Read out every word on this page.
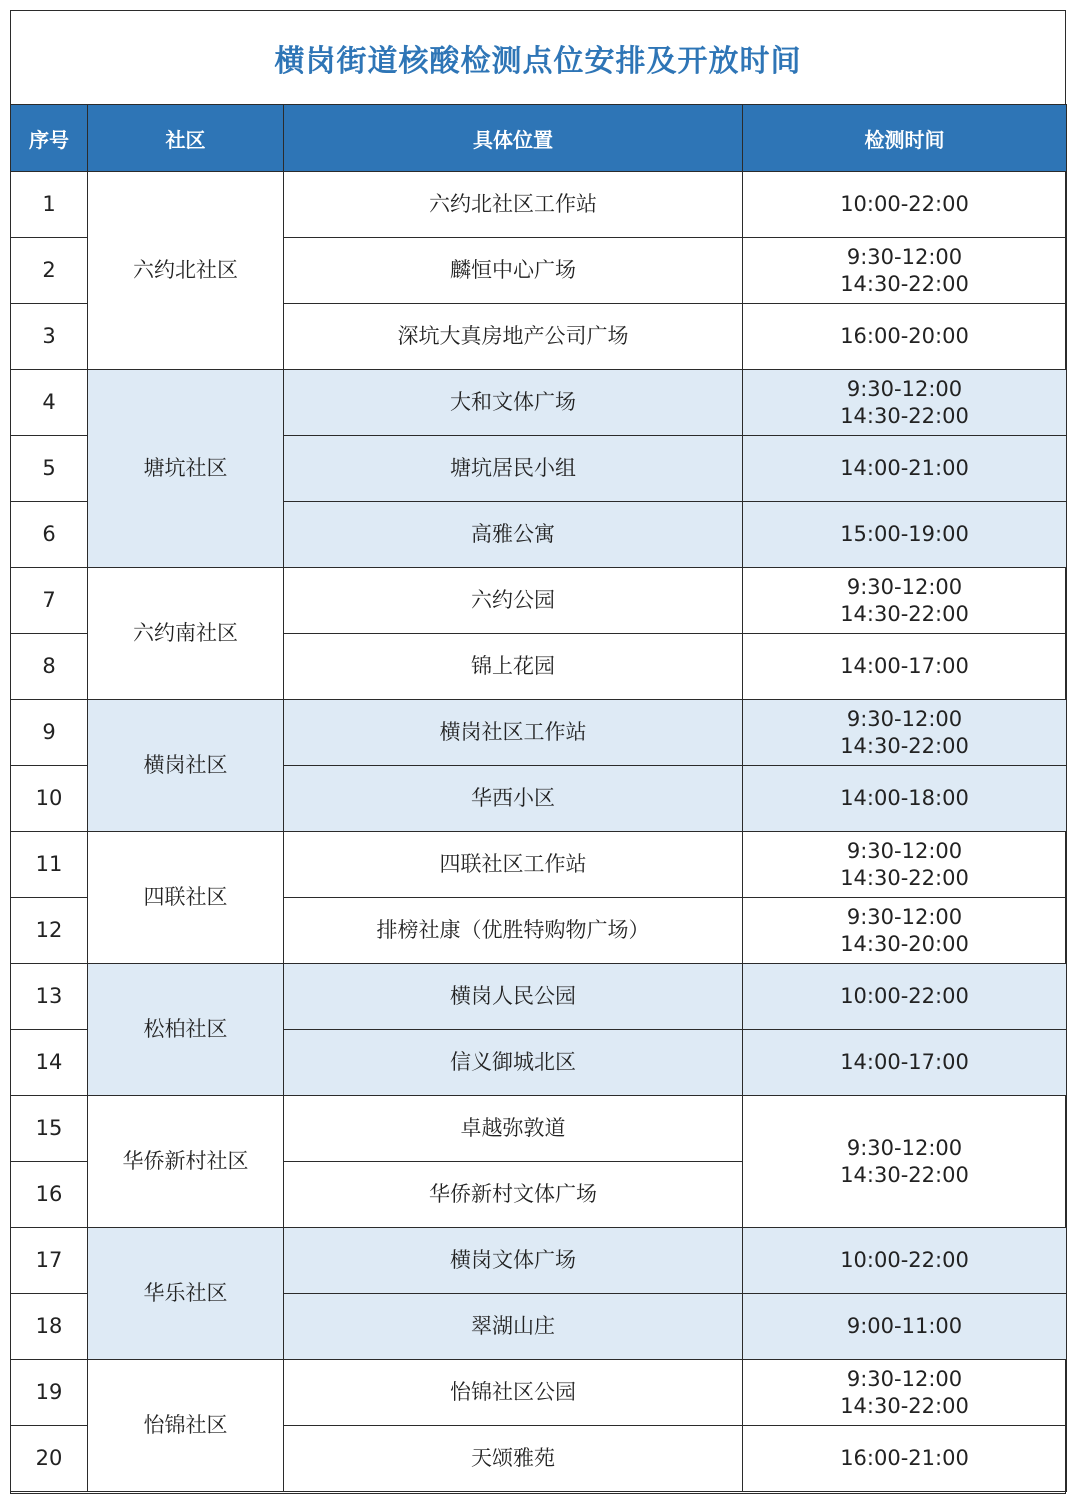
横岗街道核酸检测点位安排及开放时间
序号	社区	具体位置	检测时间
1	六约北社区	六约北社区工作站	10:00-22:00

2		麟恒中心广场	9:30-12:00
14:30-22:00

3		深坑大真房地产公司广场	16:00-20:00

4	塘坑社区	大和文体广场	9:30-12:00
14:30-22:00

5		塘坑居民小组	14:00-21:00

6		高雅公寓	15:00-19:00

7	六约南社区	六约公园	9:30-12:00
14:30-22:00

8		锦上花园	14:00-17:00

9	横岗社区	横岗社区工作站	9:30-12:00
14:30-22:00

10		华西小区	14:00-18:00

11	四联社区	四联社区工作站	9:30-12:00
14:30-22:00

12		排榜社康（优胜特购物广场）	9:30-12:00
14:30-20:00

13	松柏社区	横岗人民公园	10:00-22:00

14		信义御城北区	14:00-17:00

15	华侨新村社区	卓越弥敦道	9:30-12:00
14:30-22:00

16		华侨新村文体广场	
17	华乐社区	横岗文体广场	10:00-22:00

18		翠湖山庄	9:00-11:00

19	怡锦社区	怡锦社区公园	9:30-12:00
14:30-22:00

20		天颂雅苑	16:00-21:00
